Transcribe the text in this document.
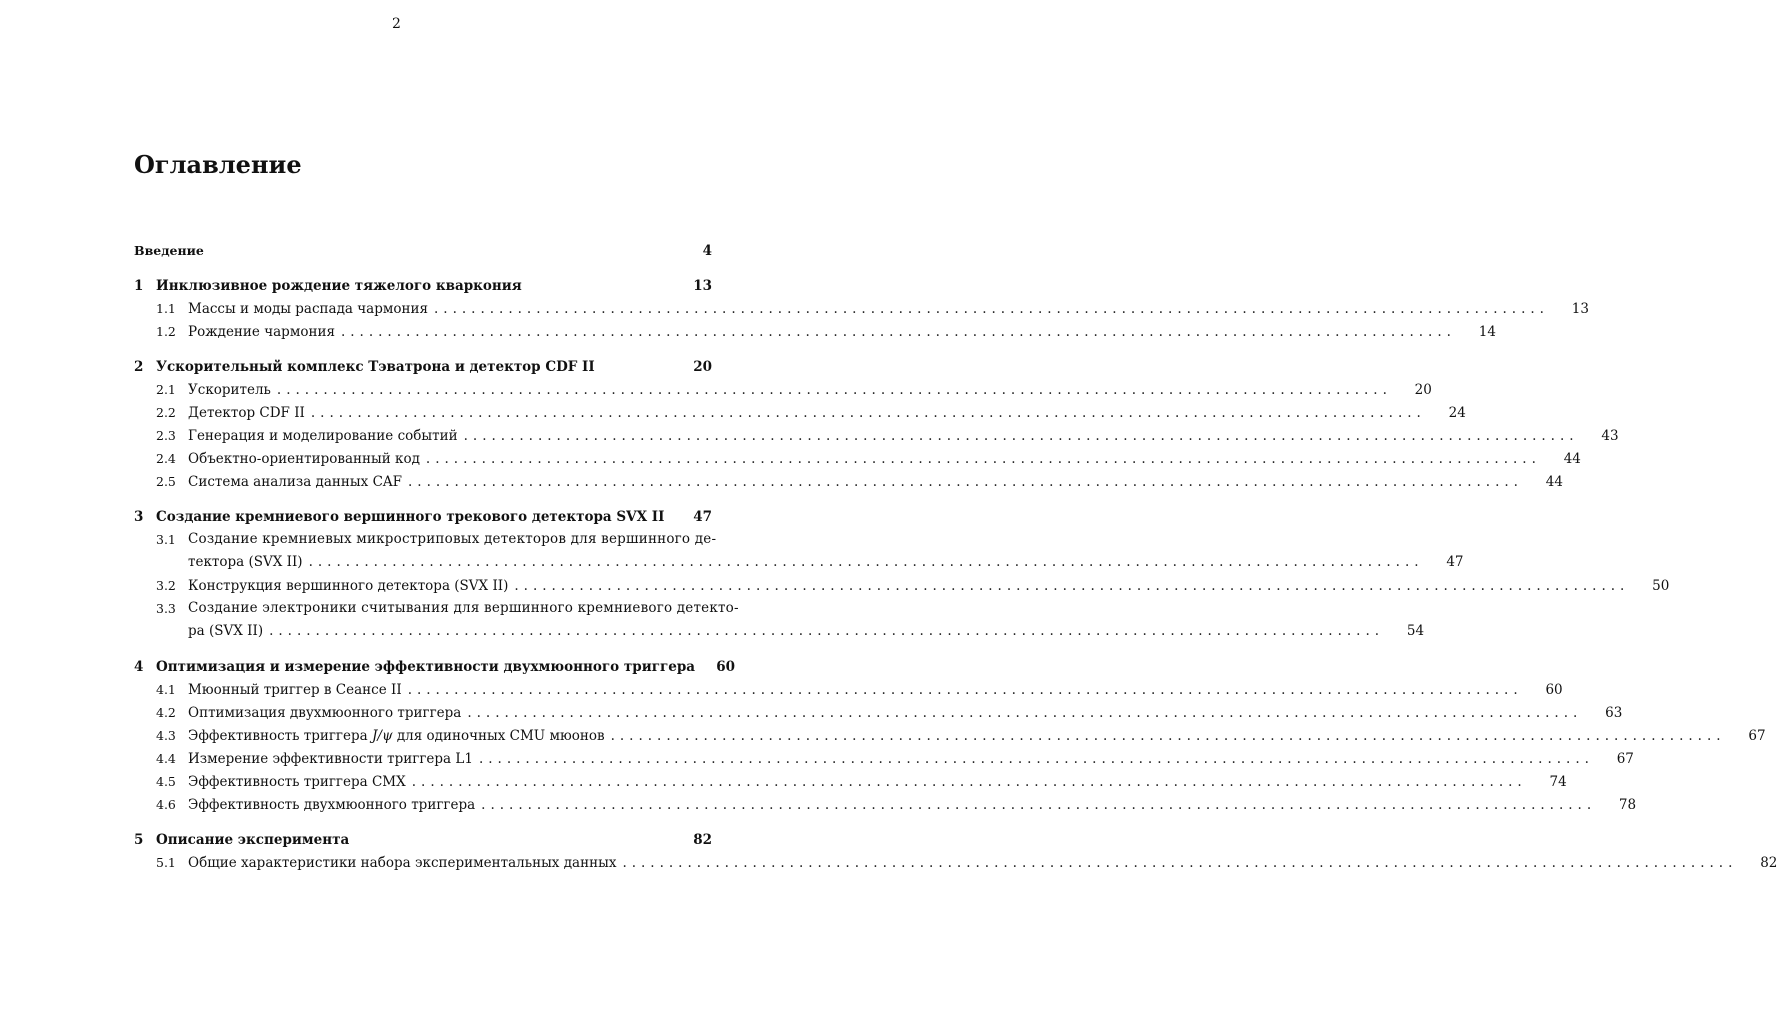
2
Оглавление
Введение	4
1 Инклюзивное рождение тяжелого кваркония	13
1.1 Массы и моды распада чармония ........................................................................................................................	13
1.2 Рождение чармония ........................................................................................................................	14
2 Ускорительный комплекс Тэватрона и детектор CDF II	20
2.1 Ускоритель ........................................................................................................................	20
2.2 Детектор CDF II ........................................................................................................................	24
2.3 Генерация и моделирование событий ........................................................................................................................	43
2.4 Объектно-ориентированный код ........................................................................................................................	44
2.5 Система анализа данных CAF ........................................................................................................................	44
3 Создание кремниевого вершинного трекового детектора SVX II	47
3.1 Создание кремниевых микростриповых детекторов для вершинного де-
тектора (SVX II) ........................................................................................................................	47
3.2 Конструкция вершинного детектора (SVX II) ........................................................................................................................	50
3.3 Создание электроники считывания для вершинного кремниевого детекто-
ра (SVX II) ........................................................................................................................	54
4 Оптимизация и измерение эффективности двухмюонного триггера	60
4.1 Мюонный триггер в Сеансе II ........................................................................................................................	60
4.2 Оптимизация двухмюонного триггера ........................................................................................................................	63
4.3 Эффективность триггера J/ψ для одиночных CMU мюонов ........................................................................................................................	67
4.4 Измерение эффективности триггера L1 ........................................................................................................................	67
4.5 Эффективность триггера CMX ........................................................................................................................	74
4.6 Эффективность двухмюонного триггера ........................................................................................................................	78
5 Описание эксперимента	82
5.1 Общие характеристики набора экспериментальных данных ........................................................................................................................	82
